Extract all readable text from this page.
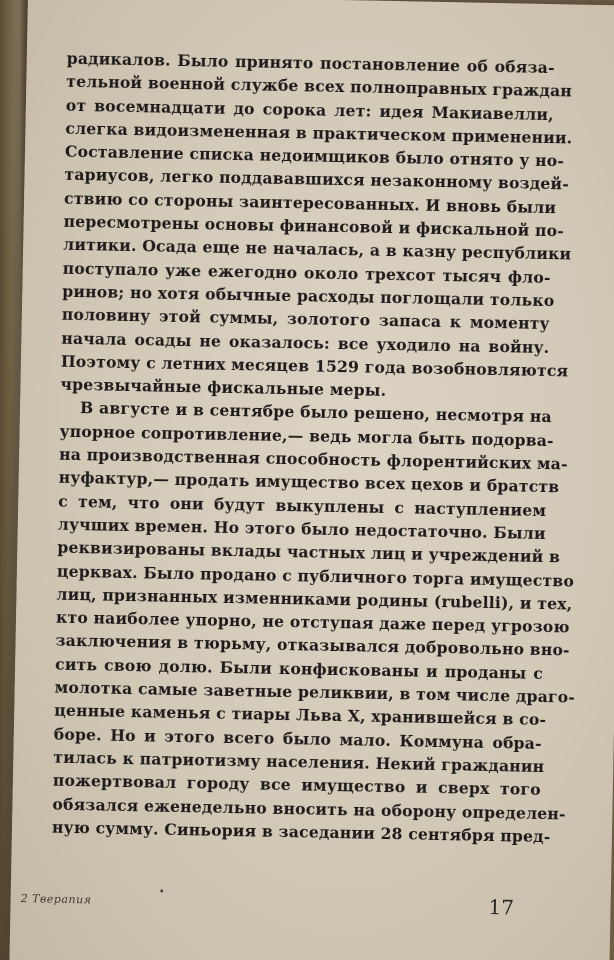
радикалов. Было принято постановление об обяза-
тельной военной службе всех полноправных граждан
от восемнадцати до сорока лет: идея Макиавелли,
слегка видоизмененная в практическом применении.
Составление списка недоимщиков было отнято у но-
тариусов, легко поддававшихся незаконному воздей-
ствию со стороны заинтересованных. И вновь были
пересмотрены основы финансовой и фискальной по-
литики. Осада еще не началась, а в казну республики
поступало уже ежегодно около трехсот тысяч фло-
ринов; но хотя обычные расходы поглощали только
половину этой суммы, золотого запаса к моменту
начала осады не оказалось: все уходило на войну.
Поэтому с летних месяцев 1529 года возобновляются
чрезвычайные фискальные меры.
В августе и в сентябре было решено, несмотря на
упорное сопротивление,— ведь могла быть подорва-
на производственная способность флорентийских ма-
нуфактур,— продать имущество всех цехов и братств
с тем, что они будут выкуплены с наступлением
лучших времен. Но этого было недостаточно. Были
реквизированы вклады частных лиц и учреждений в
церквах. Было продано с публичного торга имущество
лиц, признанных изменниками родины (rubelli), и тех,
кто наиболее упорно, не отступая даже перед угрозою
заключения в тюрьму, отказывался добровольно вно-
сить свою долю. Были конфискованы и проданы с
молотка самые заветные реликвии, в том числе драго-
ценные каменья с тиары Льва X, хранившейся в со-
боре. Но и этого всего было мало. Коммуна обра-
тилась к патриотизму населения. Некий гражданин
пожертвовал городу все имущество и сверх того
обязался еженедельно вносить на оборону определен-
ную сумму. Синьория в заседании 28 сентября пред-
2 Тверапия	•
17
